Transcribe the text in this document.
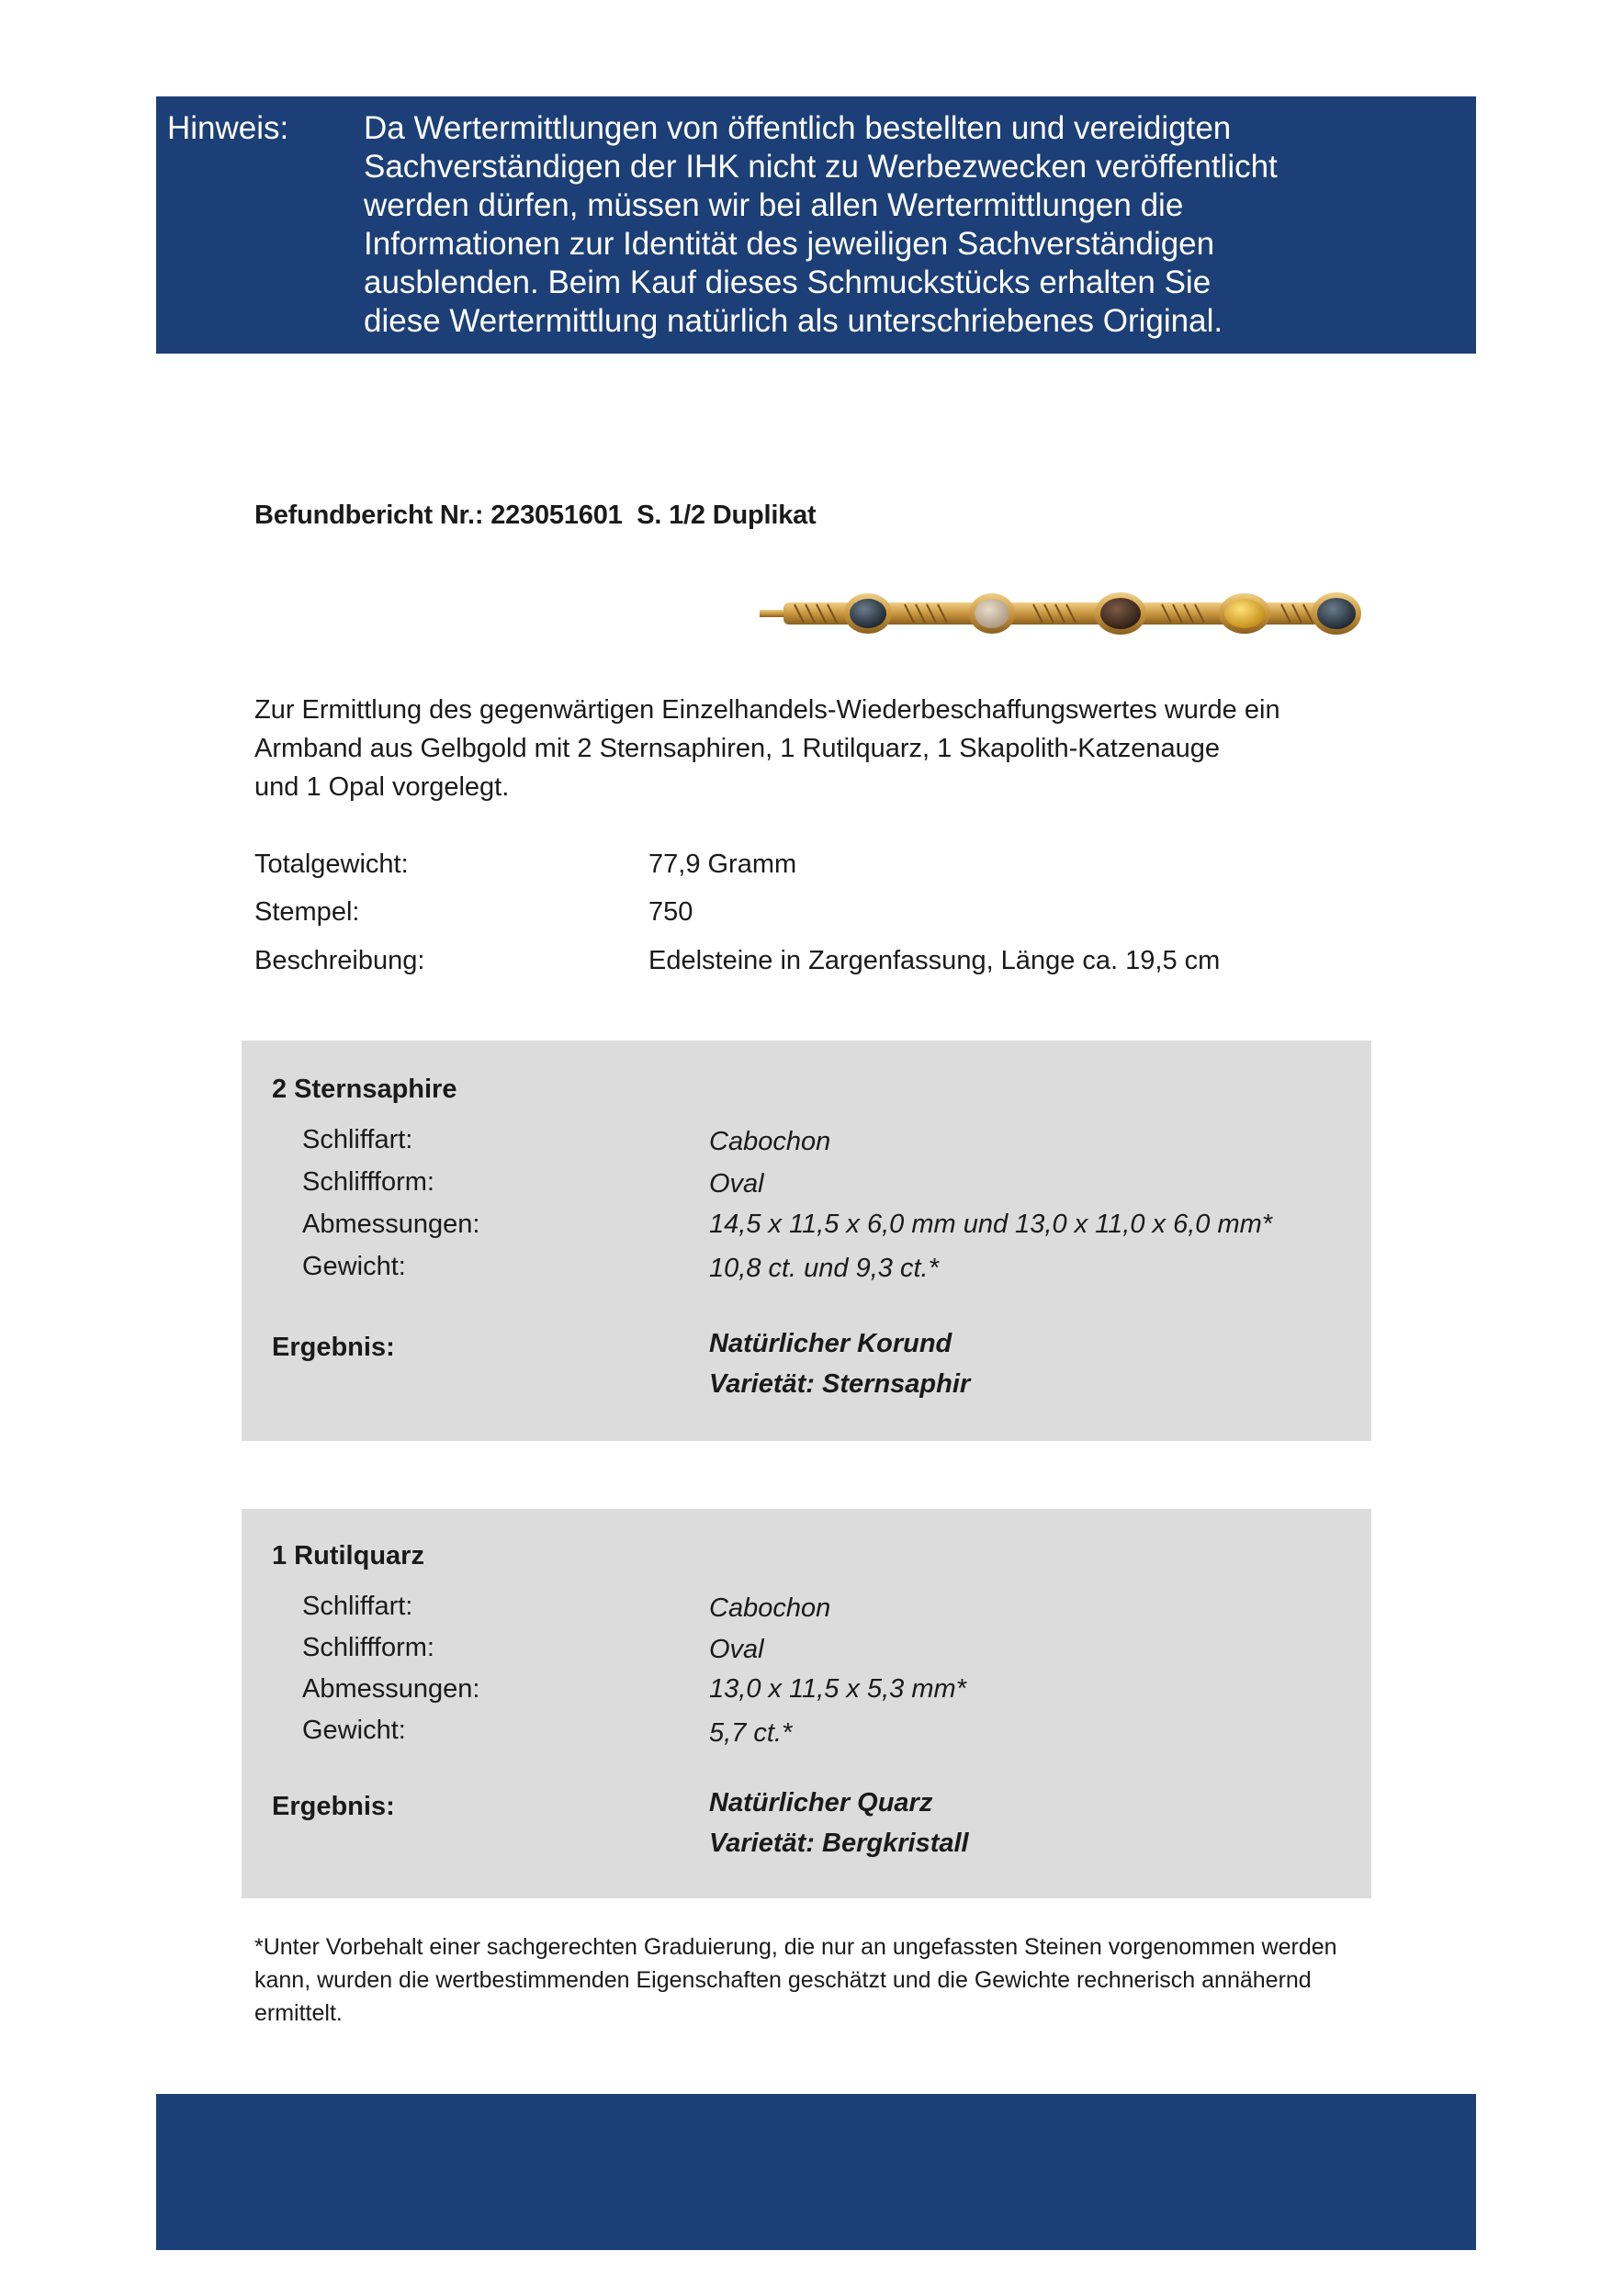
Hinweis: Da Wertermittlungen von öffentlich bestellten und vereidigten
Sachverständigen der IHK nicht zu Werbezwecken veröffentlicht
werden dürfen, müssen wir bei allen Wertermittlungen die
Informationen zur Identität des jeweiligen Sachverständigen
ausblenden. Beim Kauf dieses Schmuckstücks erhalten Sie
diese Wertermittlung natürlich als unterschriebenes Original.
Befundbericht Nr.: 223051601  S. 1/2 Duplikat

Zur Ermittlung des gegenwärtigen Einzelhandels-Wiederbeschaffungswertes wurde ein

Armband aus Gelbgold mit 2 Sternsaphiren, 1 Rutilquarz, 1 Skapolith-Katzenauge

und 1 Opal vorgelegt.

Totalgewicht:	77,9 Gramm
Stempel:	750
Beschreibung:	Edelsteine in Zargenfassung, Länge ca. 19,5 cm
2 Sternsaphire
Schliffart:	Cabochon
Schliffform:	Oval
Abmessungen:	14,5 x 11,5 x 6,0 mm und 13,0 x 11,0 x 6,0 mm*
Gewicht:	10,8 ct. und 9,3 ct.*
Ergebnis:	Natürlicher Korund
Varietät: Sternsaphir
1 Rutilquarz
Schliffart:	Cabochon
Schliffform:	Oval
Abmessungen:	13,0 x 11,5 x 5,3 mm*
Gewicht:	5,7 ct.*
Ergebnis:	Natürlicher Quarz
Varietät: Bergkristall

*Unter Vorbehalt einer sachgerechten Graduierung, die nur an ungefassten Steinen vorgenommen werden

kann, wurden die wertbestimmenden Eigenschaften geschätzt und die Gewichte rechnerisch annähernd

ermittelt.
